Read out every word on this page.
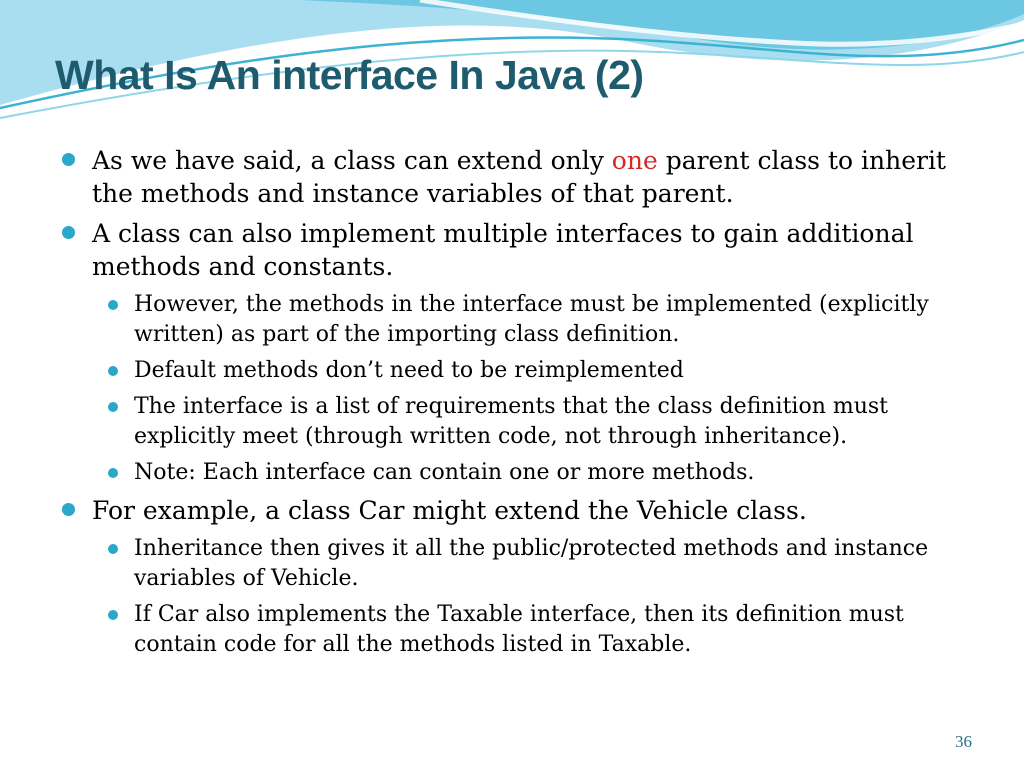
What Is An interface In Java (2)
As we have said, a class can extend only one parent class to inherit the methods and instance variables of that parent.
A class can also implement multiple interfaces to gain additional methods and constants.
However, the methods in the interface must be implemented (explicitly written) as part of the importing class definition.
Default methods don’t need to be reimplemented
The interface is a list of requirements that the class definition must explicitly meet (through written code, not through inheritance).
Note: Each interface can contain one or more methods.
For example, a class Car might extend the Vehicle class.
Inheritance then gives it all the public/protected methods and instance variables of Vehicle.
If Car also implements the Taxable interface, then its definition must contain code for all the methods listed in Taxable.
36
